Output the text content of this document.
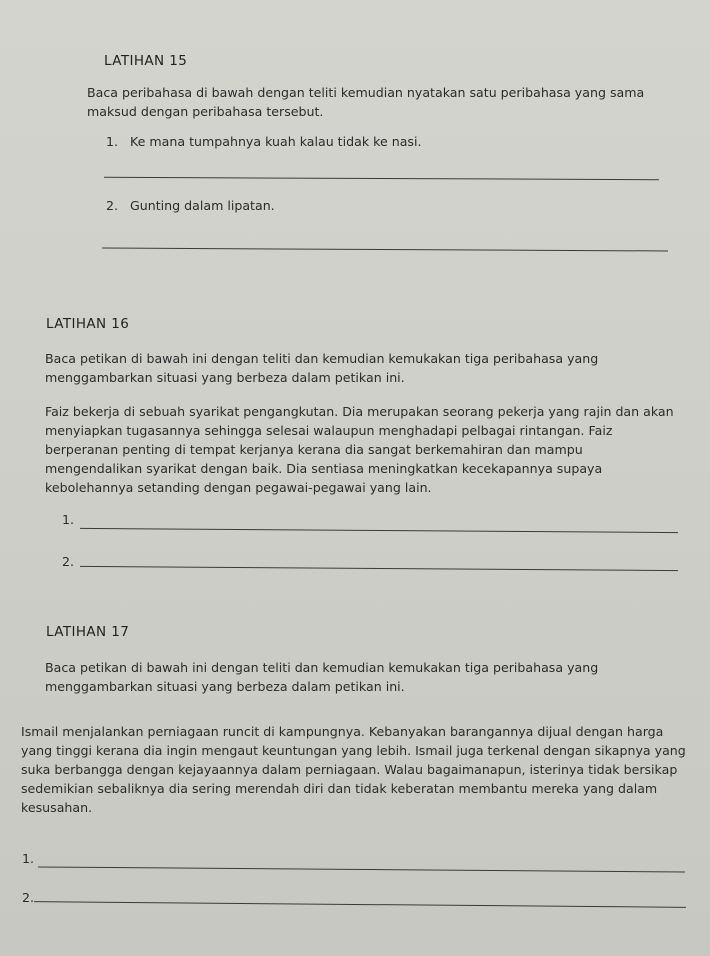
LATIHAN 15
Baca peribahasa di bawah dengan teliti kemudian nyatakan satu peribahasa yang sama maksud dengan peribahasa tersebut.
1. Ke mana tumpahnya kuah kalau tidak ke nasi.
2. Gunting dalam lipatan.
LATIHAN 16
Baca petikan di bawah ini dengan teliti dan kemudian kemukakan tiga peribahasa yang menggambarkan situasi yang berbeza dalam petikan ini.
Faiz bekerja di sebuah syarikat pengangkutan. Dia merupakan seorang pekerja yang rajin dan akan menyiapkan tugasannya sehingga selesai walaupun menghadapi pelbagai rintangan. Faiz berperanan penting di tempat kerjanya kerana dia sangat berkemahiran dan mampu mengendalikan syarikat dengan baik. Dia sentiasa meningkatkan kecekapannya supaya kebolehannya setanding dengan pegawai-pegawai yang lain.
1.
2.
LATIHAN 17
Baca petikan di bawah ini dengan teliti dan kemudian kemukakan tiga peribahasa yang menggambarkan situasi yang berbeza dalam petikan ini.
Ismail menjalankan perniagaan runcit di kampungnya. Kebanyakan barangannya dijual dengan harga yang tinggi kerana dia ingin mengaut keuntungan yang lebih. Ismail juga terkenal dengan sikapnya yang suka berbangga dengan kejayaannya dalam perniagaan. Walau bagaimanapun, isterinya tidak bersikap sedemikian sebaliknya dia sering merendah diri dan tidak keberatan membantu mereka yang dalam kesusahan.
1.
2.
